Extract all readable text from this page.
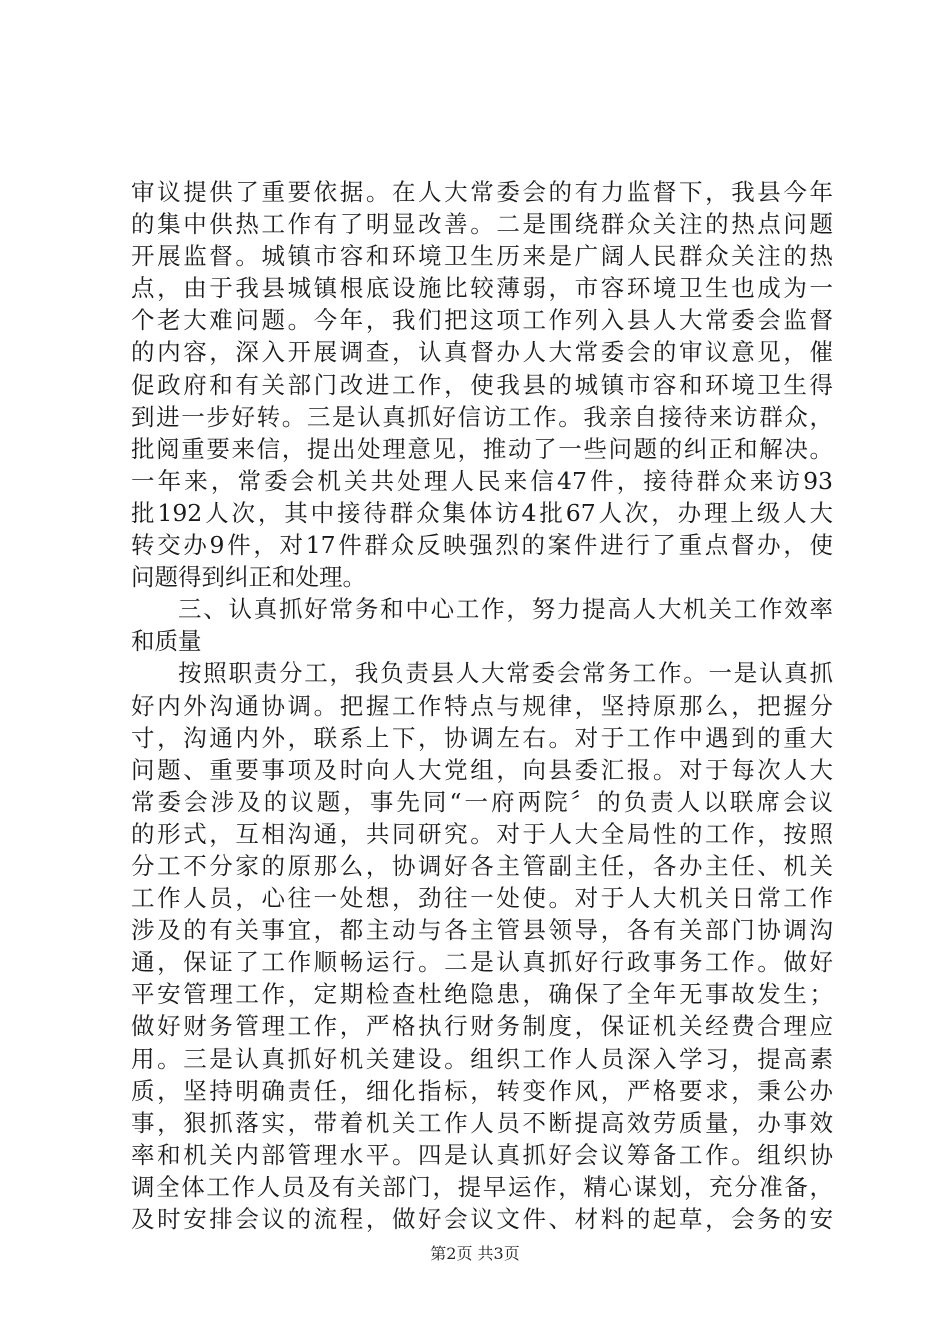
审议提供了重要依据。在人大常委会的有力监督下，我县今年
的集中供热工作有了明显改善。二是围绕群众关注的热点问题
开展监督。城镇市容和环境卫生历来是广阔人民群众关注的热
点，由于我县城镇根底设施比较薄弱，市容环境卫生也成为一
个老大难问题。今年，我们把这项工作列入县人大常委会监督
的内容，深入开展调查，认真督办人大常委会的审议意见，催
促政府和有关部门改进工作，使我县的城镇市容和环境卫生得
到进一步好转。三是认真抓好信访工作。我亲自接待来访群众，
批阅重要来信，提出处理意见，推动了一些问题的纠正和解决。
一年来，常委会机关共处理人民来信47件，接待群众来访93
批192人次，其中接待群众集体访4批67人次，办理上级人大
转交办9件，对17件群众反映强烈的案件进行了重点督办，使
问题得到纠正和处理。
三、认真抓好常务和中心工作，努力提高人大机关工作效率
和质量
按照职责分工，我负责县人大常委会常务工作。一是认真抓
好内外沟通协调。把握工作特点与规律，坚持原那么，把握分
寸，沟通内外，联系上下，协调左右。对于工作中遇到的重大
问题、重要事项及时向人大党组，向县委汇报。对于每次人大
常委会涉及的议题，事先同“一府两院〞的负责人以联席会议
的形式，互相沟通，共同研究。对于人大全局性的工作，按照
分工不分家的原那么，协调好各主管副主任，各办主任、机关
工作人员，心往一处想，劲往一处使。对于人大机关日常工作
涉及的有关事宜，都主动与各主管县领导，各有关部门协调沟
通，保证了工作顺畅运行。二是认真抓好行政事务工作。做好
平安管理工作，定期检查杜绝隐患，确保了全年无事故发生；
做好财务管理工作，严格执行财务制度，保证机关经费合理应
用。三是认真抓好机关建设。组织工作人员深入学习，提高素
质，坚持明确责任，细化指标，转变作风，严格要求，秉公办
事，狠抓落实，带着机关工作人员不断提高效劳质量，办事效
率和机关内部管理水平。四是认真抓好会议筹备工作。组织协
调全体工作人员及有关部门，提早运作，精心谋划，充分准备，
及时安排会议的流程，做好会议文件、材料的起草，会务的安
第2页 共3页
